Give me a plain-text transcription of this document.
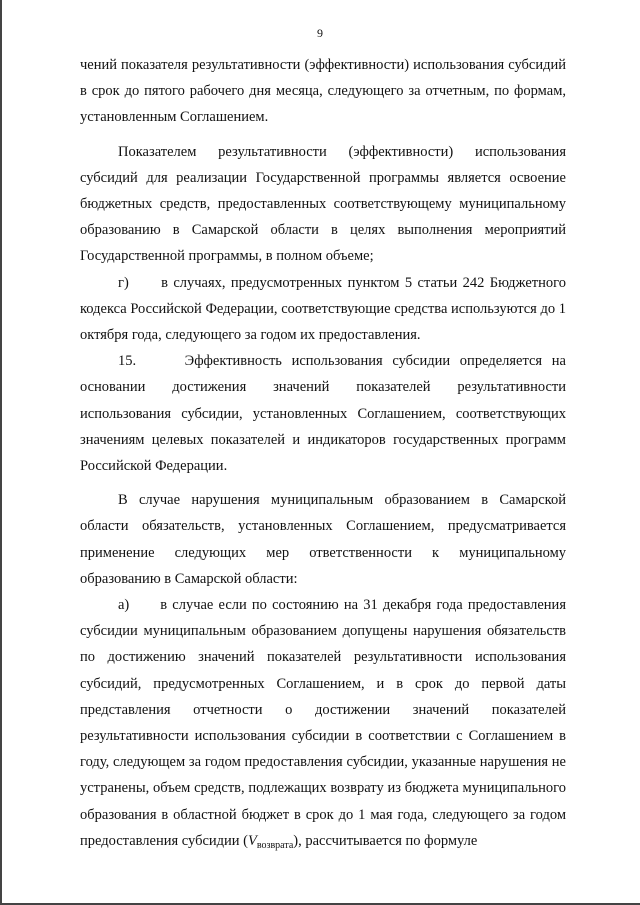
9

чений показателя результативности (эффективности) использования субсидий в срок до пятого рабочего дня месяца, следующего за отчетным, по формам, установленным Соглашением.

Показателем результативности (эффективности) использования субсидий для реализации Государственной программы является освоение бюджетных средств, предоставленных соответствующему муниципальному образованию в Самарской области в целях выполнения мероприятий Государственной программы, в полном объеме;

г)      в случаях, предусмотренных пунктом 5 статьи 242 Бюджетного кодекса Российской Федерации, соответствующие средства используются до 1 октября года, следующего за годом их предоставления.

15.     Эффективность использования субсидии определяется на основании достижения значений показателей результативности использования субсидии, установленных Соглашением, соответствующих значениям целевых показателей и индикаторов государственных программ Российской Федерации.

В случае нарушения муниципальным образованием в Самарской области обязательств, установленных Соглашением, предусматривается применение следующих мер ответственности к муниципальному образованию в Самарской области:

а)      в случае если по состоянию на 31 декабря года предоставления субсидии муниципальным образованием допущены нарушения обязательств по достижению значений показателей результативности использования субсидий, предусмотренных Соглашением, и в срок до первой даты представления отчетности о достижении значений показателей результативности использования субсидии в соответствии с Соглашением в году, следующем за годом предоставления субсидии, указанные нарушения не устранены, объем средств, подлежащих возврату из бюджета муниципального образования в областной бюджет в срок до 1 мая года, следующего за годом предоставления субсидии $(V_{возврата})$, рассчитывается по формуле
